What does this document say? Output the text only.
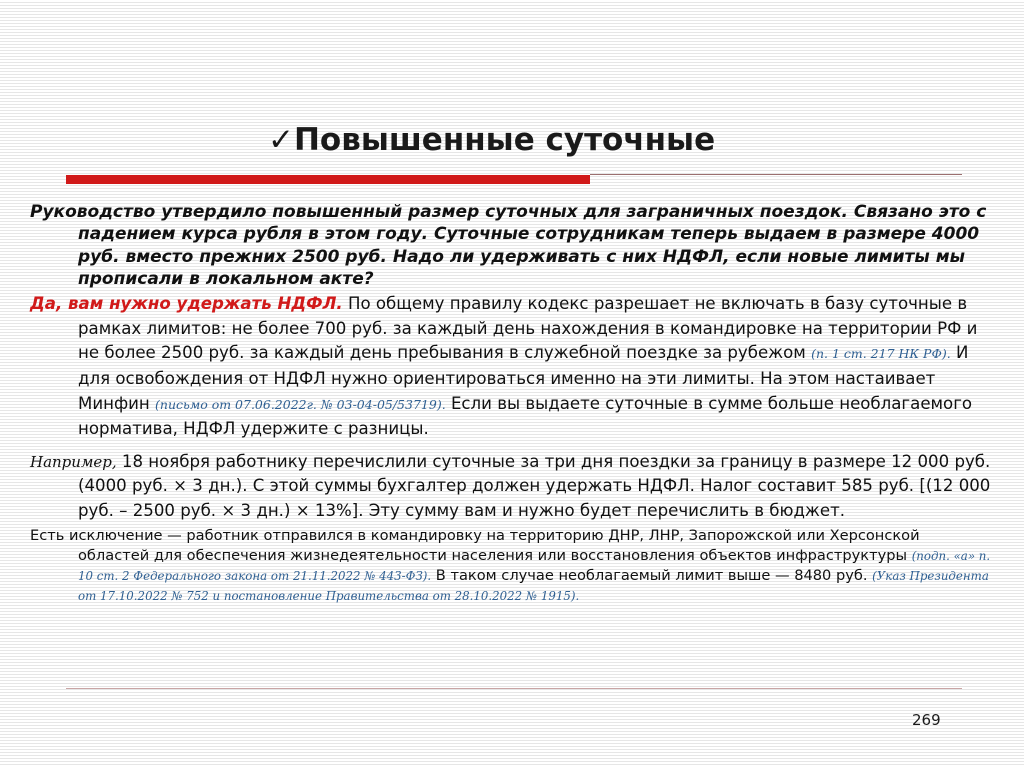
✓Повышенные суточные

Руководство утвердило повышенный размер суточных для заграничных поездок. Связано это с падением курса рубля в этом году. Суточные сотрудникам теперь выдаем в размере 4000 руб. вместо прежних 2500 руб. Надо ли удерживать с них НДФЛ, если новые лимиты мы прописали в локальном акте?

Да, вам нужно удержать НДФЛ. По общему правилу кодекс разрешает не включать в базу суточные в рамках лимитов: не более 700 руб. за каждый день нахождения в командировке на территории РФ и не более 2500 руб. за каждый день пребывания в служебной поездке за рубежом (п. 1 ст. 217 НК РФ). И для освобождения от НДФЛ нужно ориентироваться именно на эти лимиты. На этом настаивает Минфин (письмо от 07.06.2022г. № 03-04-05/53719). Если вы выдаете суточные в сумме больше необлагаемого норматива, НДФЛ удержите с разницы.

Например, 18 ноября работнику перечислили суточные за три дня поездки за границу в размере 12 000 руб. (4000 руб. × 3 дн.). С этой суммы бухгалтер должен удержать НДФЛ. Налог составит 585 руб. [(12 000 руб. – 2500 руб. × 3 дн.) × 13%]. Эту сумму вам и нужно будет перечислить в бюджет.

Есть исключение — работник отправился в командировку на территорию ДНР, ЛНР, Запорожской или Херсонской областей для обеспечения жизнедеятельности населения или восстановления объектов инфраструктуры (подп. «а» п. 10 ст. 2 Федерального закона от 21.11.2022 № 443-ФЗ). В таком случае необлагаемый лимит выше — 8480 руб. (Указ Президента от 17.10.2022 № 752 и постановление Правительства от 28.10.2022 № 1915).

269
